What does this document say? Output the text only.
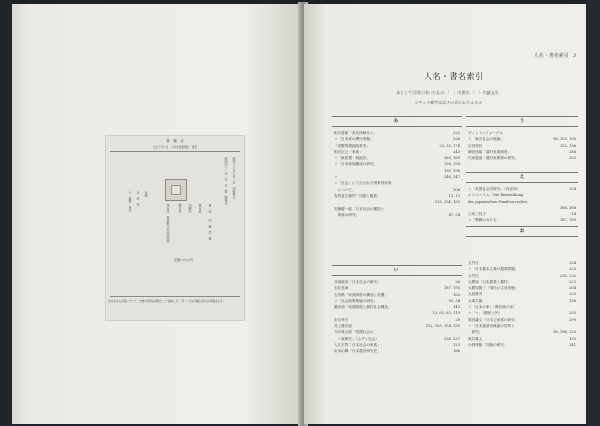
書　籍　目
大正十年十月　日本学術振興会　叢書
昭和三十年十月　日　初版発行
昭和四十一年　月　日　第　刷発行
著　者　　内　藤　莞　爾
発行者
印刷所
製本所
発行所　東京都千代田区神田
定価
未　来　社
〒　振替　東京
定価 ○○○円
本文中の人名等について、出典の引用は原則として省略した。 頁（）内の頁数は原文の頁数を示す。
人名・書名索引 3
人名・書名索引
本として引用に用いたもの.「　」内書名,〈　〉内論文名.
ゴチック数字は以下の頁にわたるもの
あ
相川善郎「家を探検せよ」	222
〃「日本家の慣行形態」	226
「倉敷等農地改革史」	23, 32, 178
相沢正己「家族」	243
〃「新設置・相続法」	163, 169
〃「日本家族構成の研究」	158, 159

195, 196
〃　　　　　　　	246, 247
〃「社会」にて出された国家的家族
　について」	306
有賀喜左衛門「同族と親族」	12, 13

133, 134, 153
安藤慶一郎「日本社会の構造と
　家族の研究」	47, 54
い
井坂政治「日本社会の研究」	26
石井良助	187, 195
石田勲「家族制度の構造と変遷」	163
〃「社会政策理論の研究」	92, 34
磯田和「家族制度と農村社会構造」	143

13, 62, 63, 119
市川秀夫	29
井上勝次郎	152, 153, 154, 155
今井林太郎「初期社会の
　〃新研究」（みずと社会）	226, 227
入江宏等「日本社会の家族」	223
岩本由輝「日本農民研究史」	166
う
ヴィット=フォーゲル
〃「東洋社会の理論」	98, 103, 190
浮田和民	132, 136
潮田悠雄「農村家族制度」	286
氏家恵嘉「農村家族制の研究」	302
え
〃「英国社会学研究」（内容別）	354
エスペハイム「Die Entwicklung
des japanischen Familien rechts」

366, 368
江馬三枝子	14
〃「飛騨の女たち」	187, 189
お
大竹氏	224
〃「日本農本主義の農業問題」	225
大竹氏	230, 232
大間知「日本農業と農村」	223
大間知篤三「現代の生成形態」	204
大島貴司	225
大塚久雄	136
〃「日本の家」（興民族の家）
〃「〃」（興民と民）	233
岡田謙文「日本公家系の研究」	299
〃「日本経済史概論の性質と
　研究」	98, 196, 229
奥井義人	133
小野秀雄「同族の研究」	241
